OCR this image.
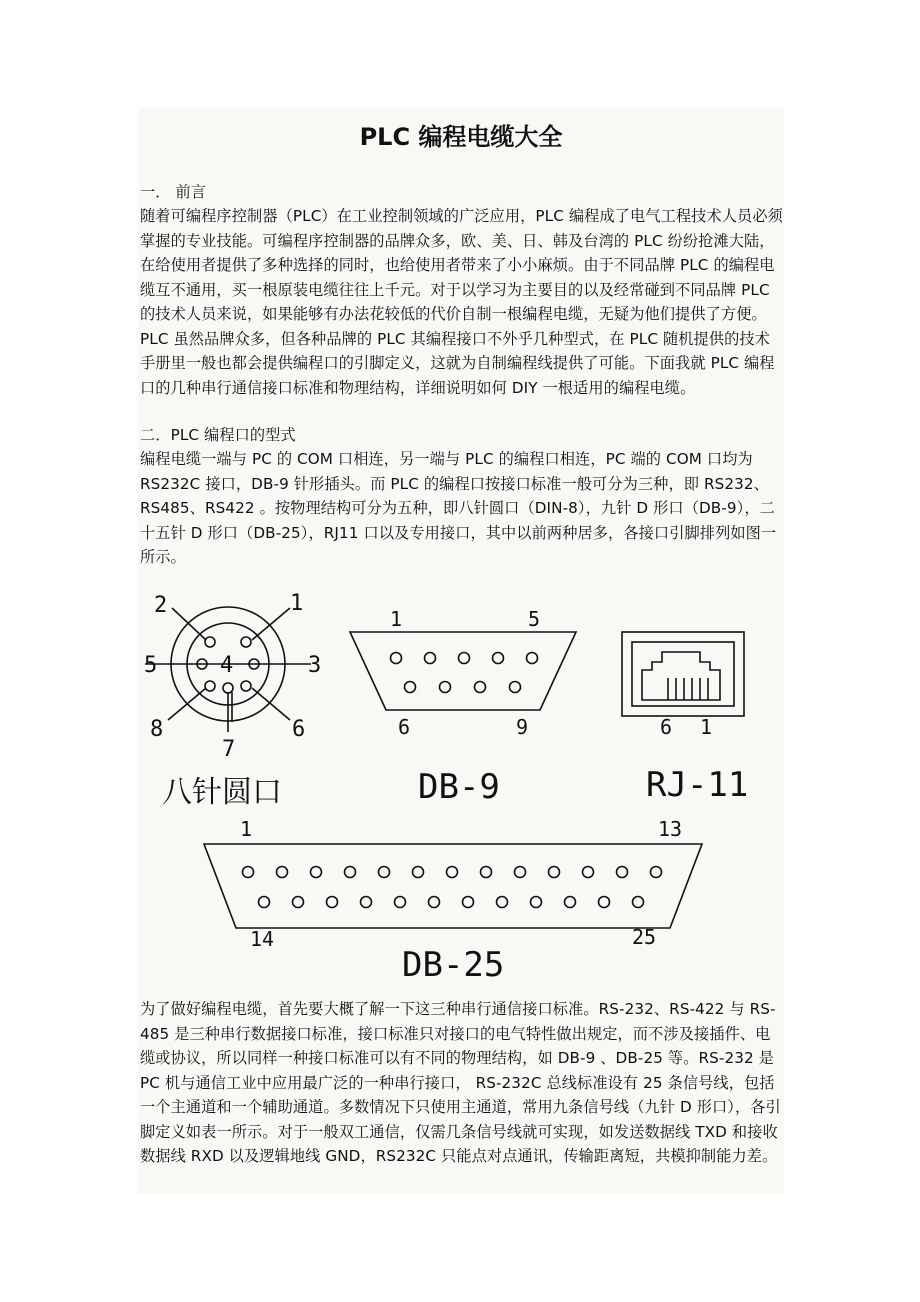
PLC 编程电缆大全

一． 前言

随着可编程序控制器（PLC）在工业控制领域的广泛应用，PLC 编程成了电气工程技术人员必须掌握的专业技能。可编程序控制器的品牌众多，欧、美、日、韩及台湾的 PLC 纷纷抢滩大陆，在给使用者提供了多种选择的同时，也给使用者带来了小小麻烦。由于不同品牌 PLC 的编程电缆互不通用，买一根原装电缆往往上千元。对于以学习为主要目的以及经常碰到不同品牌 PLC 的技术人员来说，如果能够有办法花较低的代价自制一根编程电缆，无疑为他们提供了方便。PLC 虽然品牌众多，但各种品牌的 PLC 其编程接口不外乎几种型式，在 PLC 随机提供的技术手册里一般也都会提供编程口的引脚定义，这就为自制编程线提供了可能。下面我就 PLC 编程口的几种串行通信接口标准和物理结构，详细说明如何 DIY 一根适用的编程电缆。

二．PLC 编程口的型式

编程电缆一端与 PC 的 COM 口相连，另一端与 PLC 的编程口相连，PC 端的 COM 口均为 RS232C 接口，DB-9 针形插头。而 PLC 的编程口按接口标准一般可分为三种，即 RS232、RS485、RS422 。按物理结构可分为五种，即八针圆口（DIN-8），九针 D 形口（DB-9），二十五针 D 形口（DB-25），RJ11 口以及专用接口，其中以前两种居多，各接口引脚排列如图一所示。

1
2
3
4
5
6
7
8
八针圆口
1	5
6	9
DB-9
6 1
RJ-11
1	13
14	25
DB-25

为了做好编程电缆，首先要大概了解一下这三种串行通信接口标准。RS-232、RS-422 与 RS-485 是三种串行数据接口标准，接口标准只对接口的电气特性做出规定，而不涉及接插件、电缆或协议，所以同样一种接口标准可以有不同的物理结构，如 DB-9 、DB-25 等。RS-232 是PC 机与通信工业中应用最广泛的一种串行接口， RS-232C 总线标准设有 25 条信号线，包括一个主通道和一个辅助通道。多数情况下只使用主通道，常用九条信号线（九针 D 形口），各引脚定义如表一所示。对于一般双工通信，仅需几条信号线就可实现，如发送数据线 TXD 和接收数据线 RXD 以及逻辑地线 GND，RS232C 只能点对点通讯，传输距离短，共模抑制能力差。
